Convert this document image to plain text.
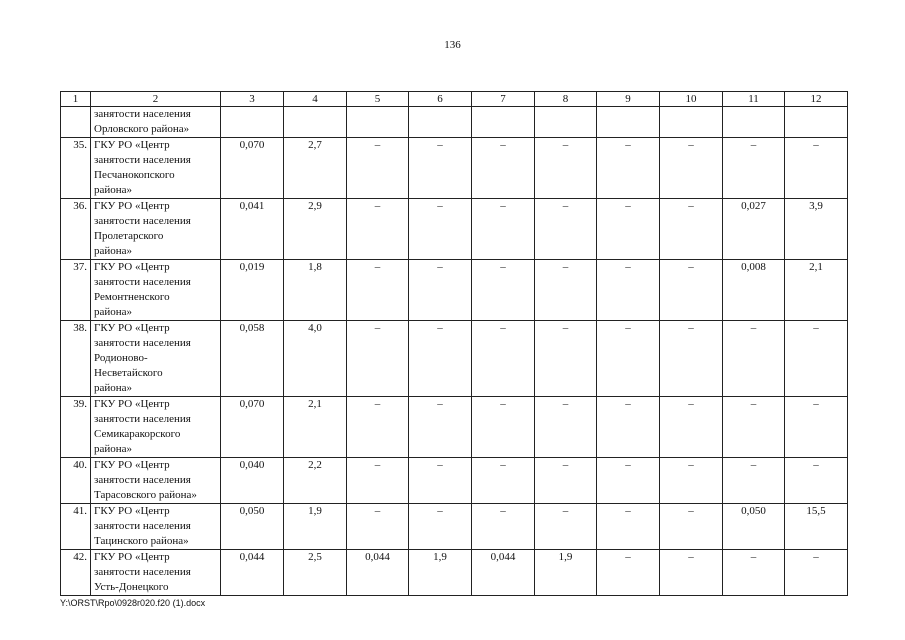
136
1	2	3	4	5	6	7	8	9	10	11	12
	занятости населения
Орловского района»										
35.	ГКУ РО «Центр
занятости населения
Песчанокопского
района»	0,070	2,7	–	–	–	–	–	–	–	–
36.	ГКУ РО «Центр
занятости населения
Пролетарского
района»	0,041	2,9	–	–	–	–	–	–	0,027	3,9
37.	ГКУ РО «Центр
занятости населения
Ремонтненского
района»	0,019	1,8	–	–	–	–	–	–	0,008	2,1
38.	ГКУ РО «Центр
занятости населения
Родионово-
Несветайского
района»	0,058	4,0	–	–	–	–	–	–	–	–
39.	ГКУ РО «Центр
занятости населения
Семикаракорского
района»	0,070	2,1	–	–	–	–	–	–	–	–
40.	ГКУ РО «Центр
занятости населения
Тарасовского района»	0,040	2,2	–	–	–	–	–	–	–	–
41.	ГКУ РО «Центр
занятости населения
Тацинского района»	0,050	1,9	–	–	–	–	–	–	0,050	15,5
42.	ГКУ РО «Центр
занятости населения
Усть-Донецкого	0,044	2,5	0,044	1,9	0,044	1,9	–	–	–	–
Y:\ORST\Rpo\0928r020.f20 (1).docx
